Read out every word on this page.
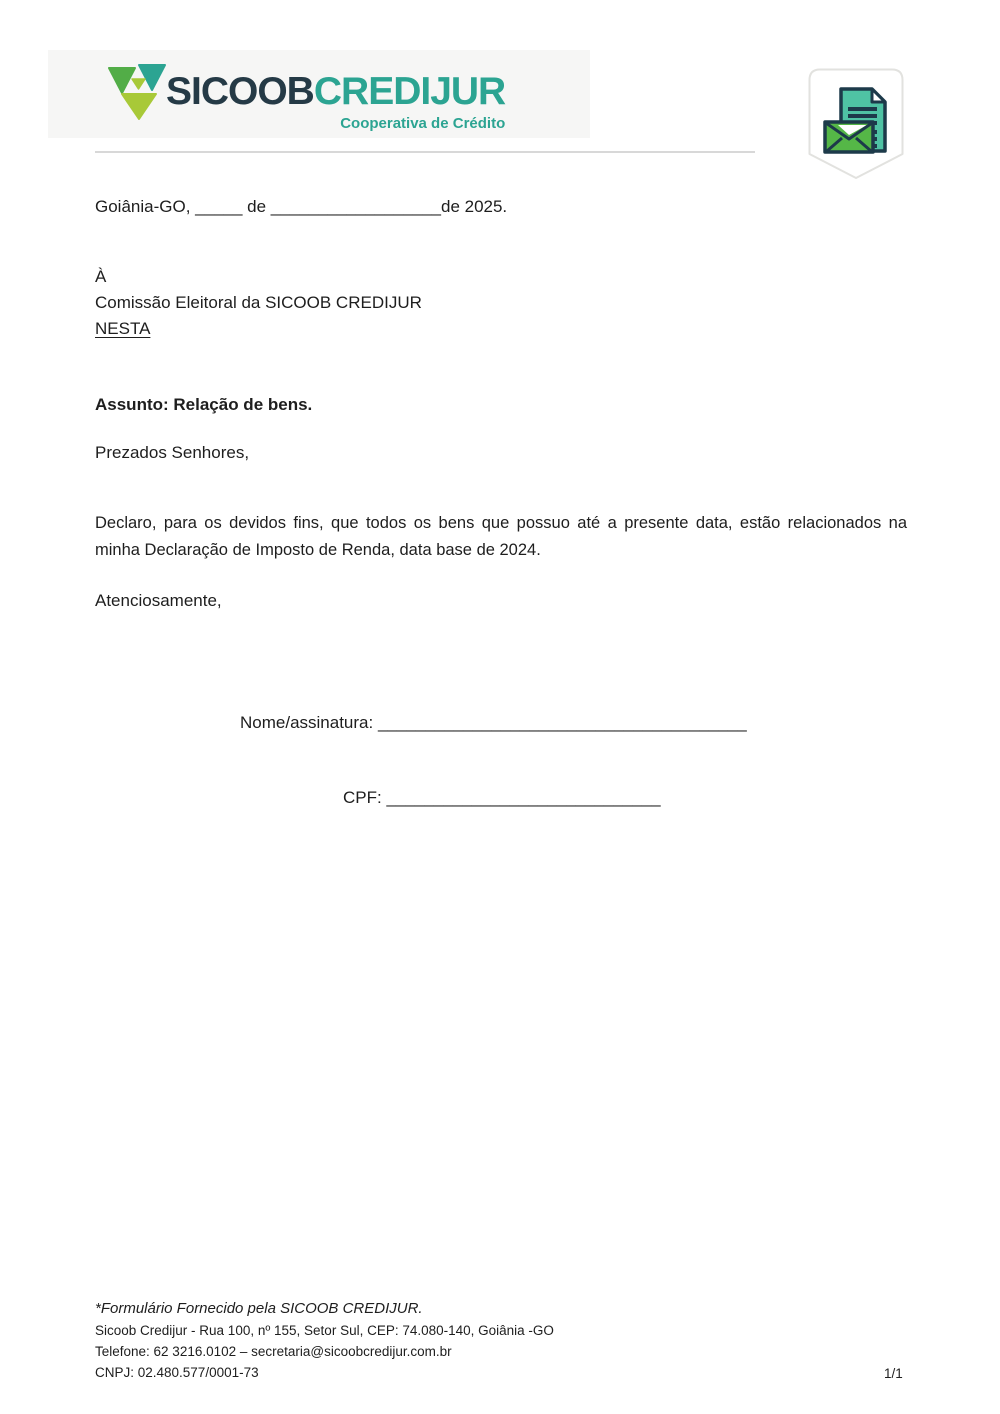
SICOOBCREDIJUR
Cooperativa de Crédito
Goiânia-GO, _____ de __________________de 2025.
À
Comissão Eleitoral da SICOOB CREDIJUR
NESTA
Assunto: Relação de bens.
Prezados Senhores,
Declaro, para os devidos fins, que todos os bens que possuo até a presente data, estão relacionados na minha Declaração de Imposto de Renda, data base de 2024.
Atenciosamente,
Nome/assinatura: _______________________________________
CPF: _____________________________
*Formulário Fornecido pela SICOOB CREDIJUR.
Sicoob Credijur - Rua 100, nº 155, Setor Sul, CEP: 74.080-140, Goiânia -GO
Telefone: 62 3216.0102 – secretaria@sicoobcredijur.com.br
CNPJ: 02.480.577/0001-73	1/1
